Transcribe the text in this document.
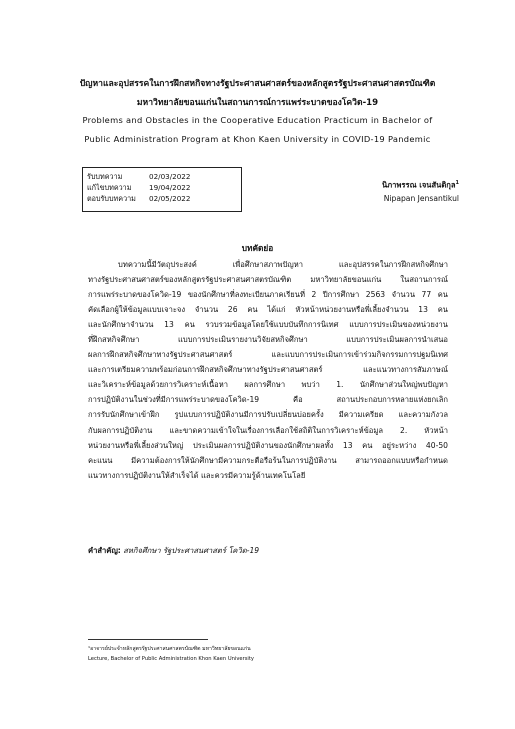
ปัญหาและอุปสรรคในการฝึกสหกิจทางรัฐประศาสนศาสตร์ของหลักสูตรรัฐประศาสนศาสตรบัณฑิต
มหาวิทยาลัยขอนแก่นในสถานการณ์การแพร่ระบาดของโควิด-19
Problems and Obstacles in the Cooperative Education Practicum in Bachelor of
Public Administration Program at Khon Kaen University in COVID-19 Pandemic
รับบทความ	02/03/2022
แก้ไขบทความ	19/04/2022
ตอบรับบทความ	02/05/2022
นิภาพรรณ เจนสันติกุล$^1$
Nipapan Jensantikul
บทคัดย่อ
บทความนี้มีวัตถุประสงค์ เพื่อศึกษาสภาพปัญหา และอุปสรรคในการฝึกสหกิจศึกษา
ทางรัฐประศาสนศาสตร์ของหลักสูตรรัฐประศาสนศาสตรบัณฑิต มหาวิทยาลัยขอนแก่น ในสถานการณ์
การแพร่ระบาดของโควิด-19 ของนักศึกษาที่ลงทะเบียนภาคเรียนที่ 2 ปีการศึกษา 2563 จำนวน 77 คน
คัดเลือกผู้ให้ข้อมูลแบบเจาะจง จำนวน 26 คน ได้แก่ หัวหน้าหน่วยงานหรือพี่เลี้ยงจำนวน 13 คน
และนักศึกษาจำนวน 13 คน รวบรวมข้อมูลโดยใช้แบบบันทึกการนิเทศ แบบการประเมินของหน่วยงาน
ที่ฝึกสหกิจศึกษา แบบการประเมินรายงานวิจัยสหกิจศึกษา แบบการประเมินผลการนำเสนอ
ผลการฝึกสหกิจศึกษาทางรัฐประศาสนศาสตร์ และแบบการประเมินการเข้าร่วมกิจกรรมการปฐมนิเทศ
และการเตรียมความพร้อมก่อนการฝึกสหกิจศึกษาทางรัฐประศาสนศาสตร์ และแนวทางการสัมภาษณ์
และวิเคราะห์ข้อมูลด้วยการวิเคราะห์เนื้อหา ผลการศึกษา พบว่า 1. นักศึกษาส่วนใหญ่พบปัญหา
การปฏิบัติงานในช่วงที่มีการแพร่ระบาดของโควิด-19 คือ สถานประกอบการหลายแห่งยกเลิก
การรับนักศึกษาเข้าฝึก รูปแบบการปฏิบัติงานมีการปรับเปลี่ยนบ่อยครั้ง มีความเครียด และความกังวล
กับผลการปฏิบัติงาน และขาดความเข้าใจในเรื่องการเลือกใช้สถิติในการวิเคราะห์ข้อมูล 2. หัวหน้า
หน่วยงานหรือพี่เลี้ยงส่วนใหญ่ ประเมินผลการปฏิบัติงานของนักศึกษาผลทั้ง 13 คน อยู่ระหว่าง 40-50
คะแนน มีความต้องการให้นักศึกษามีความกระตือรือร้นในการปฏิบัติงาน สามารถออกแบบหรือกำหนด
แนวทางการปฏิบัติงานให้สำเร็จได้ และควรมีความรู้ด้านเทคโนโลยี
คำสำคัญ: สหกิจศึกษา รัฐประศาสนศาสตร์ โควิด-19
¹อาจารย์ประจำหลักสูตรรัฐประศาสนศาสตรบัณฑิต มหาวิทยาลัยขอนแก่น
Lecture, Bachelor of Public Administration Khon Kaen University
